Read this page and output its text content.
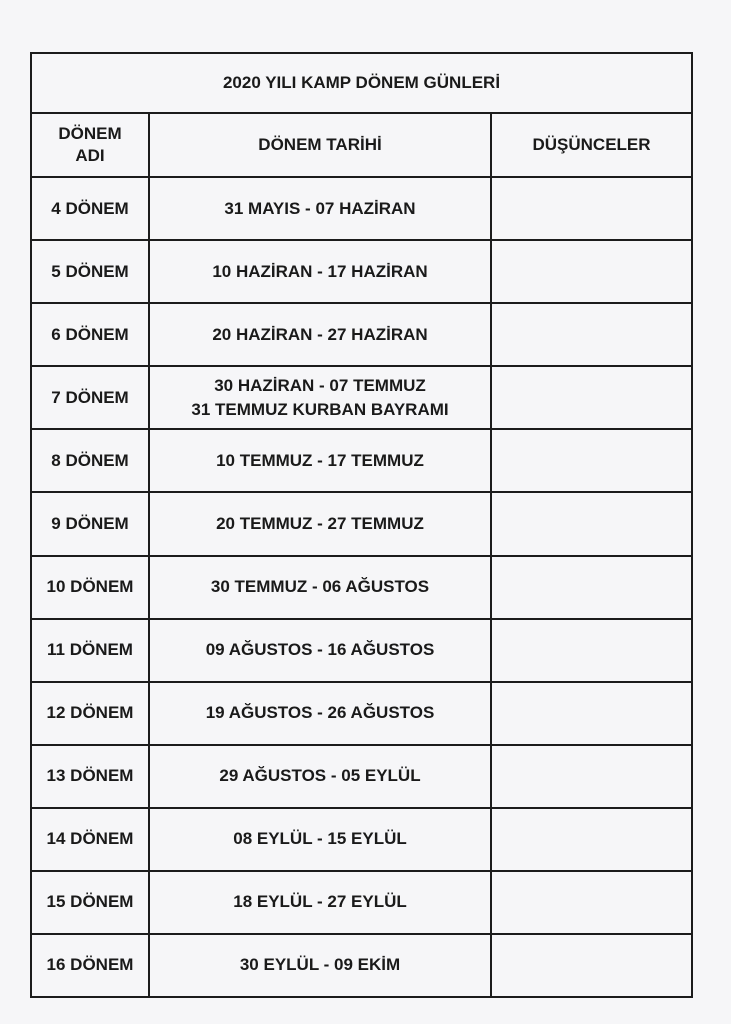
2020 YILI KAMP DÖNEM GÜNLERİ		
DÖNEM
ADI	DÖNEM TARİHİ	DÜŞÜNCELER
4 DÖNEM	31 MAYIS - 07 HAZİRAN	
5 DÖNEM	10 HAZİRAN - 17 HAZİRAN	
6 DÖNEM	20 HAZİRAN - 27 HAZİRAN	
7 DÖNEM	30 HAZİRAN - 07 TEMMUZ
31 TEMMUZ KURBAN BAYRAMI	
8 DÖNEM	10 TEMMUZ - 17 TEMMUZ	
9 DÖNEM	20 TEMMUZ - 27 TEMMUZ	
10 DÖNEM	30 TEMMUZ - 06 AĞUSTOS	
11 DÖNEM	09 AĞUSTOS - 16 AĞUSTOS	
12 DÖNEM	19 AĞUSTOS - 26 AĞUSTOS	
13 DÖNEM	29 AĞUSTOS - 05 EYLÜL	
14 DÖNEM	08 EYLÜL - 15 EYLÜL	
15 DÖNEM	18 EYLÜL - 27 EYLÜL	
16 DÖNEM	30 EYLÜL - 09 EKİM	
